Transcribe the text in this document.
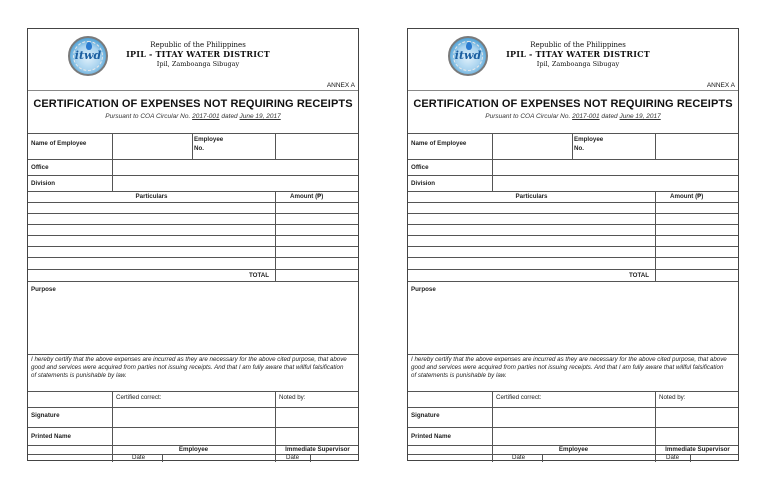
itwd
Republic of the Philippines
IPIL - TITAY WATER DISTRICT
Ipil, Zamboanga Sibugay
ANNEX A
CERTIFICATION OF EXPENSES NOT REQUIRING RECEIPTS
Pursuant to COA Circular No. 2017-001 dated June 19, 2017
Name of Employee
Employee
No.
Office
Division
Particulars	Amount (₱)
TOTAL
Purpose
I hereby certify that the above expenses are incurred as they are necessary for the above cited purpose, that above good and services were acquired from parties not issuing receipts. And that I am fully aware that willful falsification of statements is punishable by law.
Certified correct:	Noted by:
Signature
Printed Name
Employee	Immediate Supervisor
Date	Date
itwd
Republic of the Philippines
IPIL - TITAY WATER DISTRICT
Ipil, Zamboanga Sibugay
ANNEX A
CERTIFICATION OF EXPENSES NOT REQUIRING RECEIPTS
Pursuant to COA Circular No. 2017-001 dated June 19, 2017
Name of Employee
Employee
No.
Office
Division
Particulars	Amount (₱)
TOTAL
Purpose
I hereby certify that the above expenses are incurred as they are necessary for the above cited purpose, that above good and services were acquired from parties not issuing receipts. And that I am fully aware that willful falsification of statements is punishable by law.
Certified correct:	Noted by:
Signature
Printed Name
Employee	Immediate Supervisor
Date	Date
